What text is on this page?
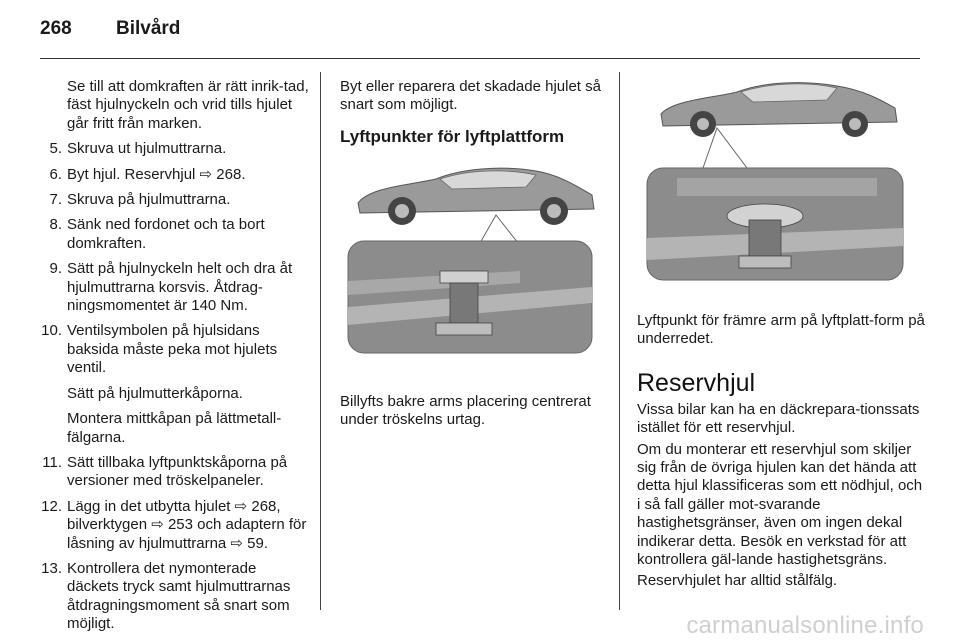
268 Bilvård

Se till att domkraften är rätt inrik-tad, fäst hjulnyckeln och vrid tills hjulet går fritt från marken.

5. Skruva ut hjulmuttrarna.
6. Byt hjul. Reservhjul ⇨ 268.
7. Skruva på hjulmuttrarna.
8. Sänk ned fordonet och ta bort domkraften.
9. Sätt på hjulnyckeln helt och dra åt hjulmuttrarna korsvis. Åtdrag-ningsmomentet är 140 Nm.
10. Ventilsymbolen på hjulsidans baksida måste peka mot hjulets ventil.

Sätt på hjulmutterkåporna.

Montera mittkåpan på lättmetall-fälgarna.

11. Sätt tillbaka lyftpunktskåporna på versioner med tröskelpaneler.
12. Lägg in det utbytta hjulet ⇨ 268, bilverktygen ⇨ 253 och adaptern för låsning av hjulmuttrarna ⇨ 59.
13. Kontrollera det nymonterade däckets tryck samt hjulmuttrarnas åtdragningsmoment så snart som möjligt.

Byt eller reparera det skadade hjulet så snart som möjligt.

Lyftpunkter för lyftplattform

Billyfts bakre arms placering centrerat under tröskelns urtag.

Lyftpunkt för främre arm på lyftplatt-form på underredet.

Reservhjul

Vissa bilar kan ha en däckrepara-tionssats istället för ett reservhjul.

Om du monterar ett reservhjul som skiljer sig från de övriga hjulen kan det hända att detta hjul klassificeras som ett nödhjul, och i så fall gäller mot-svarande hastighetsgränser, även om ingen dekal indikerar detta. Besök en verkstad för att kontrollera gäl-lande hastighetsgräns.

Reservhjulet har alltid stålfälg.

carmanualsonline.info
